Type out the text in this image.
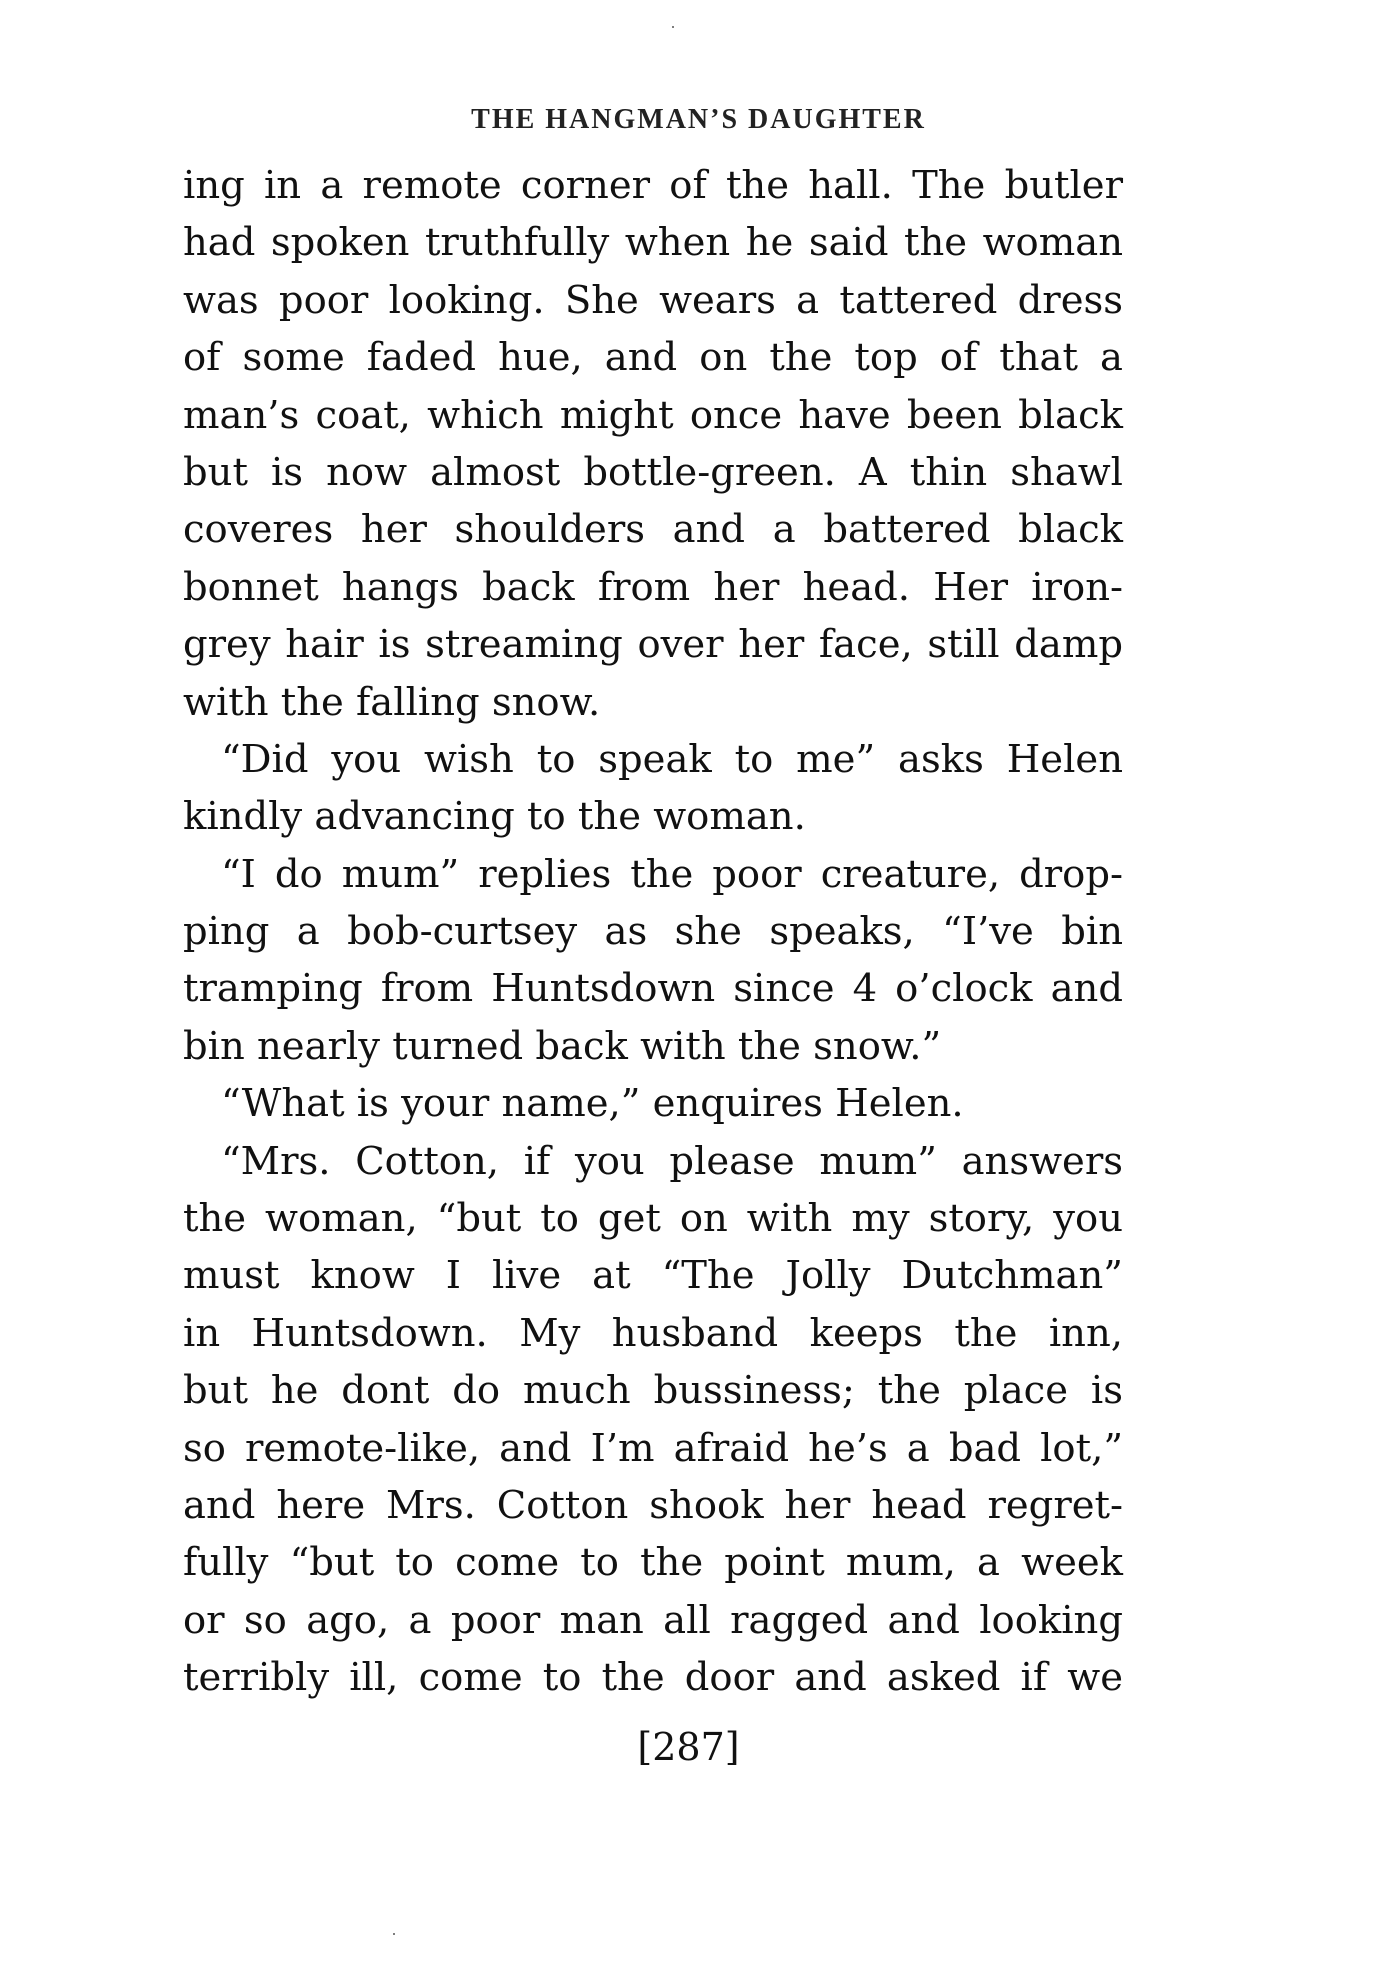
THE HANGMAN’S DAUGHTER
ing in a remote corner of the hall. The butler
had spoken truthfully when he said the woman
was poor looking. She wears a tattered dress
of some faded hue, and on the top of that a
man’s coat, which might once have been black
but is now almost bottle-green. A thin shawl
coveres her shoulders and a battered black
bonnet hangs back from her head. Her iron-
grey hair is streaming over her face, still damp
with the falling snow.
“Did you wish to speak to me” asks Helen
kindly advancing to the woman.
“I do mum” replies the poor creature, drop-
ping a bob-curtsey as she speaks, “I’ve bin
tramping from Huntsdown since 4 o’clock and
bin nearly turned back with the snow.”
“What is your name,” enquires Helen.
“Mrs. Cotton, if you please mum” answers
the woman, “but to get on with my story, you
must know I live at “The Jolly Dutchman”
in Huntsdown. My husband keeps the inn,
but he dont do much bussiness; the place is
so remote-like, and I’m afraid he’s a bad lot,”
and here Mrs. Cotton shook her head regret-
fully “but to come to the point mum, a week
or so ago, a poor man all ragged and looking
terribly ill, come to the door and asked if we
[287]
